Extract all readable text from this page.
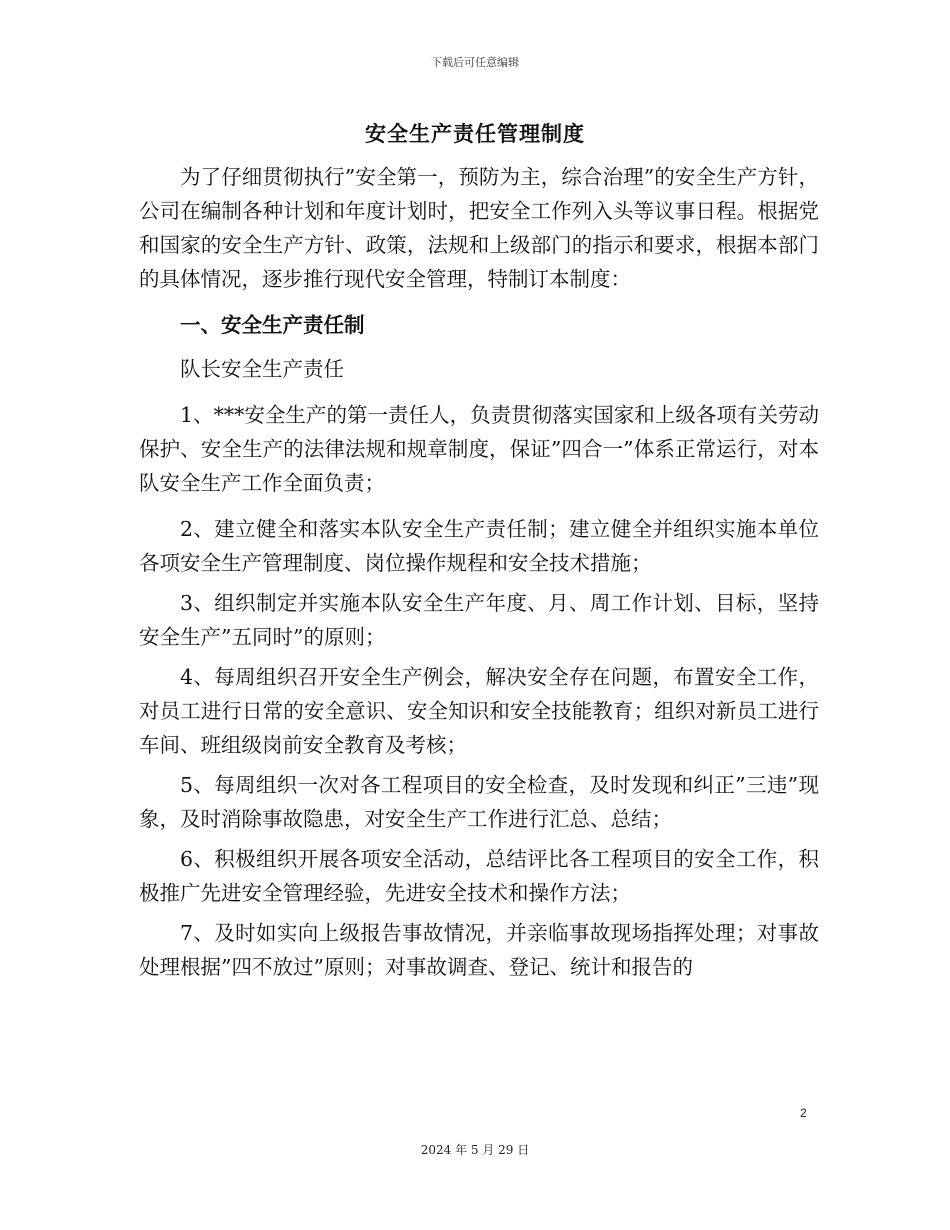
下载后可任意编辑
安全生产责任管理制度

为了仔细贯彻执行”安全第一，预防为主，综合治理”的安全生产方针，公司在编制各种计划和年度计划时，把安全工作列入头等议事日程。根据党和国家的安全生产方针、政策，法规和上级部门的指示和要求，根据本部门的具体情况，逐步推行现代安全管理，特制订本制度：

一、安全生产责任制

队长安全生产责任

1、***安全生产的第一责任人，负责贯彻落实国家和上级各项有关劳动保护、安全生产的法律法规和规章制度，保证”四合一”体系正常运行，对本队安全生产工作全面负责；

2、建立健全和落实本队安全生产责任制；建立健全并组织实施本单位各项安全生产管理制度、岗位操作规程和安全技术措施；

3、组织制定并实施本队安全生产年度、月、周工作计划、目标，坚持安全生产”五同时”的原则；

4、每周组织召开安全生产例会，解决安全存在问题，布置安全工作，对员工进行日常的安全意识、安全知识和安全技能教育；组织对新员工进行车间、班组级岗前安全教育及考核；

5、每周组织一次对各工程项目的安全检查，及时发现和纠正”三违”现象，及时消除事故隐患，对安全生产工作进行汇总、总结；

6、积极组织开展各项安全活动，总结评比各工程项目的安全工作，积极推广先进安全管理经验，先进安全技术和操作方法；

7、及时如实向上级报告事故情况，并亲临事故现场指挥处理；对事故处理根据”四不放过”原则；对事故调查、登记、统计和报告的

2
2024 年 5 月 29 日
